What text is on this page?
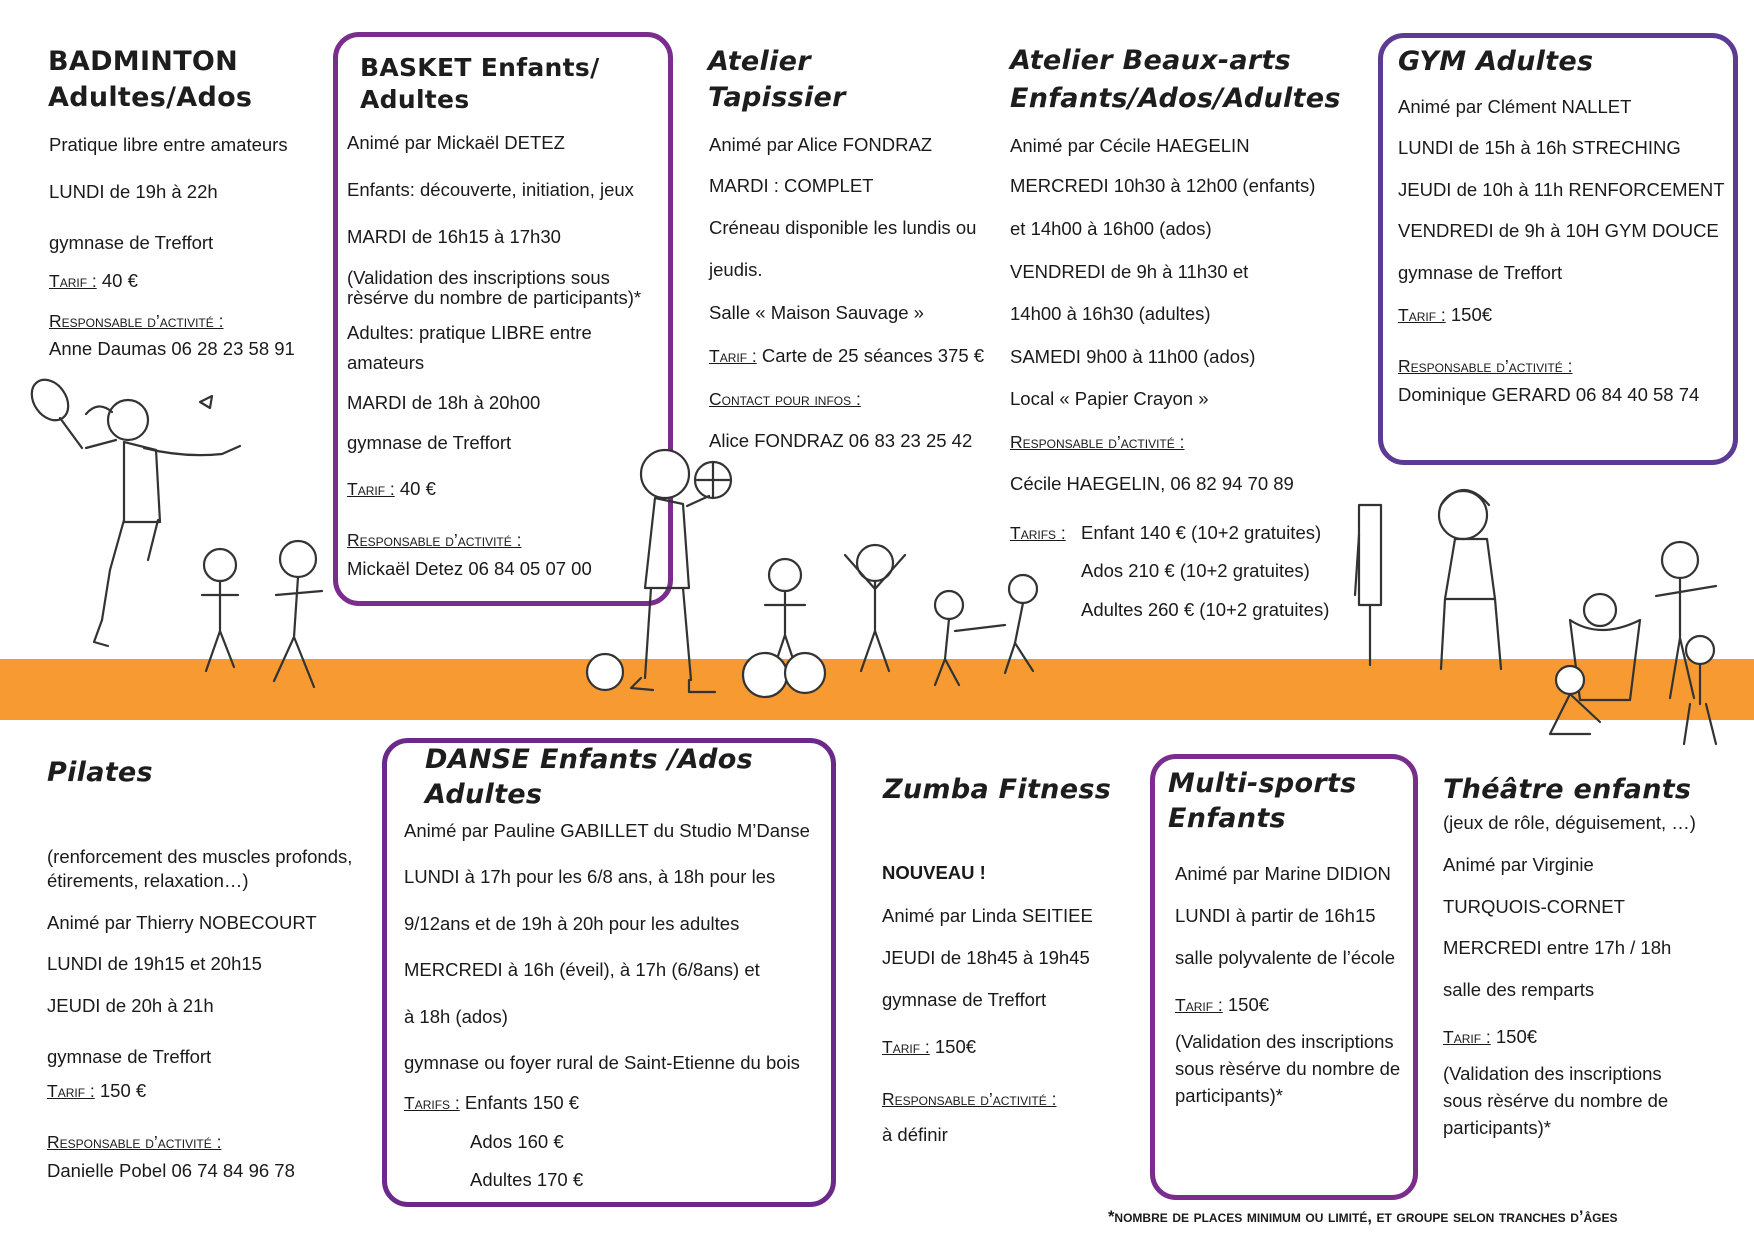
BADMINTON
Adultes/Ados
Pratique libre entre amateurs
LUNDI de 19h à 22h
gymnase de Treffort
Tarif : 40 €
Responsable d’activité :
Anne Daumas 06 28 23 58 91
BASKET Enfants/
Adultes
Animé par Mickaël DETEZ
Enfants: découverte, initiation, jeux
MARDI de 16h15 à 17h30
(Validation des inscriptions sous
rèsérve du nombre de participants)*
Adultes: pratique LIBRE entre
amateurs
MARDI de 18h à 20h00
gymnase de Treffort
Tarif : 40 €
Responsable d’activité :
Mickaël Detez 06 84 05 07 00
Atelier
Tapissier
Animé par Alice FONDRAZ
MARDI : COMPLET
Créneau disponible les lundis ou
jeudis.
Salle « Maison Sauvage »
Tarif : Carte de 25 séances 375 €
Contact pour infos :
Alice FONDRAZ 06 83 23 25 42
Atelier Beaux-arts
Enfants/Ados/Adultes
Animé par Cécile HAEGELIN
MERCREDI 10h30 à 12h00 (enfants)
et 14h00 à 16h00 (ados)
VENDREDI de 9h à 11h30 et
14h00 à 16h30 (adultes)
SAMEDI 9h00 à 11h00 (ados)
Local « Papier Crayon »
Responsable d’activité :
Cécile HAEGELIN, 06 82 94 70 89
Tarifs : Enfant 140 € (10+2 gratuites)
Ados 210 € (10+2 gratuites)
Adultes 260 € (10+2 gratuites)
GYM Adultes
Animé par Clément NALLET
LUNDI de 15h à 16h STRECHING
JEUDI de 10h à 11h RENFORCEMENT
VENDREDI de 9h à 10H GYM DOUCE
gymnase de Treffort
Tarif : 150€
Responsable d’activité :
Dominique GERARD 06 84 40 58 74
Pilates
(renforcement des muscles profonds,
étirements, relaxation…)
Animé par Thierry NOBECOURT
LUNDI de 19h15 et 20h15
JEUDI de 20h à 21h
gymnase de Treffort
Tarif : 150 €
Responsable d’activité :
Danielle Pobel 06 74 84 96 78
DANSE Enfants /Ados
Adultes
Animé par Pauline GABILLET du Studio M’Danse
LUNDI à 17h pour les 6/8 ans, à 18h pour les
9/12ans et de 19h à 20h pour les adultes
MERCREDI à 16h (éveil), à 17h (6/8ans) et
à 18h (ados)
gymnase ou foyer rural de Saint-Etienne du bois
Tarifs : Enfants 150 €
Ados 160 €
Adultes 170 €
Zumba Fitness
NOUVEAU !
Animé par Linda SEITIEE
JEUDI de 18h45 à 19h45
gymnase de Treffort
Tarif : 150€
Responsable d’activité :
à définir
Multi-sports
Enfants
Animé par Marine DIDION
LUNDI à partir de 16h15
salle polyvalente de l’école
Tarif : 150€
(Validation des inscriptions
sous rèsérve du nombre de
participants)*
Théâtre enfants
(jeux de rôle, déguisement, …)
Animé par Virginie
TURQUOIS-CORNET
MERCREDI entre 17h / 18h
salle des remparts
Tarif : 150€
(Validation des inscriptions
sous rèsérve du nombre de
participants)*
*nombre de places minimum ou limité, et groupe selon tranches d’âges
